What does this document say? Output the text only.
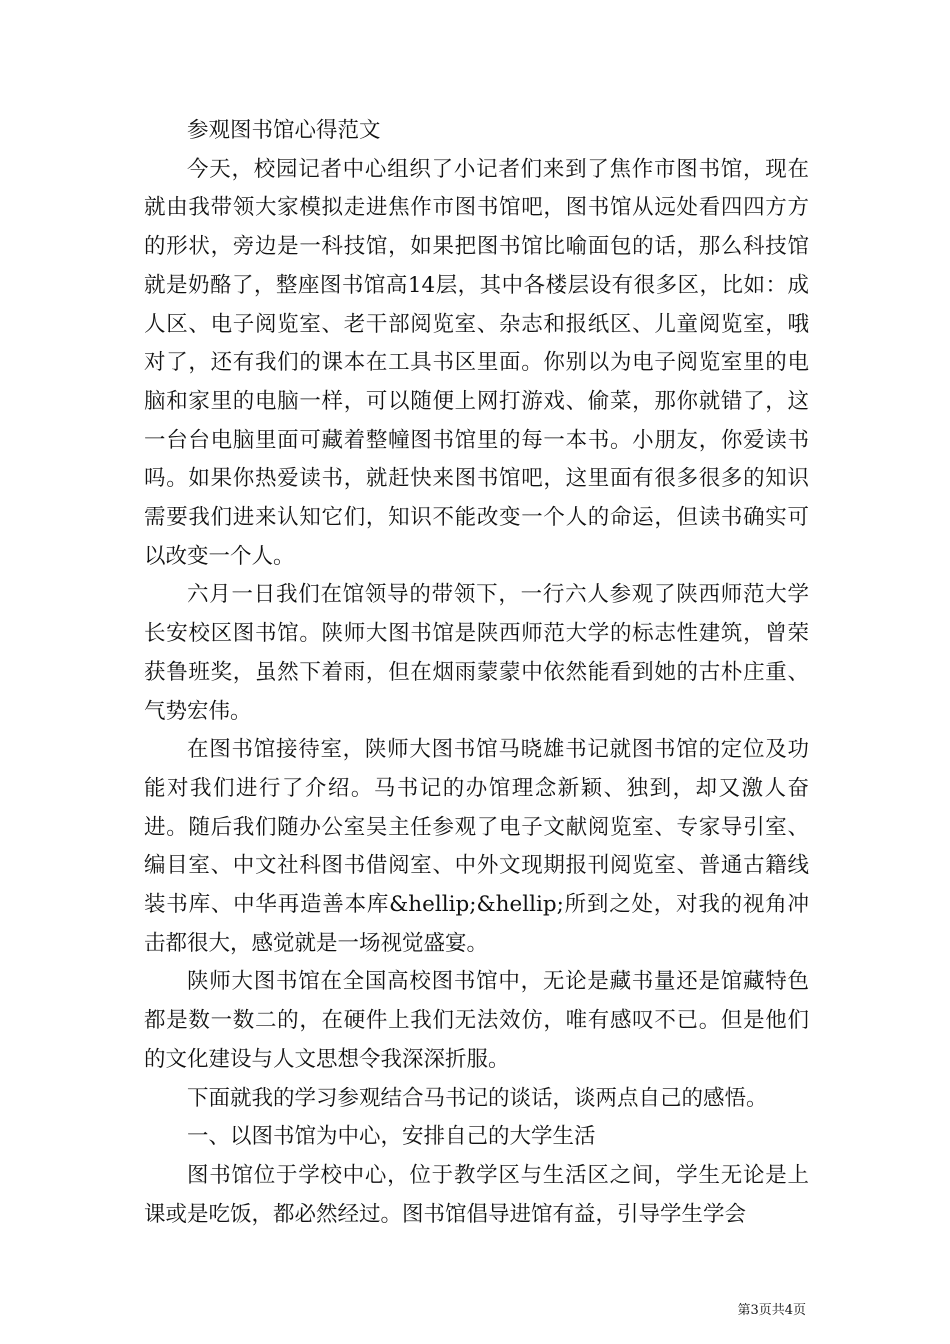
参观图书馆心得范文

今天，校园记者中心组织了小记者们来到了焦作市图书馆，现在就由我带领大家模拟走进焦作市图书馆吧，图书馆从远处看四四方方的形状，旁边是一科技馆，如果把图书馆比喻面包的话，那么科技馆就是奶酪了，整座图书馆高14层，其中各楼层设有很多区，比如：成人区、电子阅览室、老干部阅览室、杂志和报纸区、儿童阅览室，哦对了，还有我们的课本在工具书区里面。你别以为电子阅览室里的电脑和家里的电脑一样，可以随便上网打游戏、偷菜，那你就错了，这一台台电脑里面可藏着整幢图书馆里的每一本书。小朋友，你爱读书吗。如果你热爱读书，就赶快来图书馆吧，这里面有很多很多的知识需要我们进来认知它们，知识不能改变一个人的命运，但读书确实可以改变一个人。

六月一日我们在馆领导的带领下，一行六人参观了陕西师范大学长安校区图书馆。陕师大图书馆是陕西师范大学的标志性建筑，曾荣获鲁班奖，虽然下着雨，但在烟雨蒙蒙中依然能看到她的古朴庄重、气势宏伟。

在图书馆接待室，陕师大图书馆马晓雄书记就图书馆的定位及功能对我们进行了介绍。马书记的办馆理念新颖、独到，却又激人奋进。随后我们随办公室吴主任参观了电子文献阅览室、专家导引室、编目室、中文社科图书借阅室、中外文现期报刊阅览室、普通古籍线装书库、中华再造善本库&hellip;&hellip;所到之处，对我的视角冲击都很大，感觉就是一场视觉盛宴。

陕师大图书馆在全国高校图书馆中，无论是藏书量还是馆藏特色都是数一数二的，在硬件上我们无法效仿，唯有感叹不已。但是他们的文化建设与人文思想令我深深折服。

下面就我的学习参观结合马书记的谈话，谈两点自己的感悟。

一、以图书馆为中心，安排自己的大学生活

图书馆位于学校中心，位于教学区与生活区之间，学生无论是上课或是吃饭，都必然经过。图书馆倡导进馆有益，引导学生学会

第3页共4页
